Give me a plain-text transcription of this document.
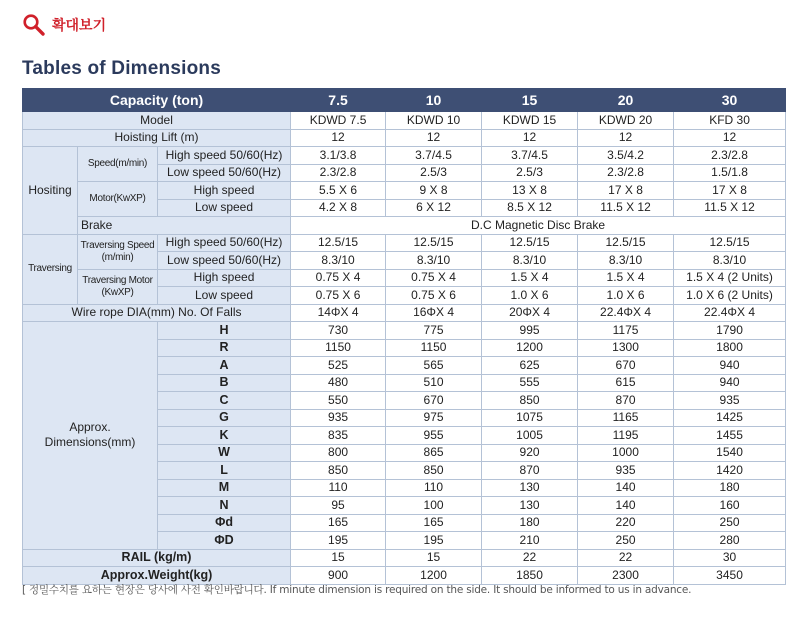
확대보기
Tables of Dimensions
Capacity (ton)			7.5	10	15	20	30
Model			KDWD 7.5	KDWD 10	KDWD 15	KDWD 20	KFD 30
Hoisting Lift (m)			12	12	12	12	12
Hositing	Speed(m/min)	High speed 50/60(Hz)	3.1/3.8	3.7/4.5	3.7/4.5	3.5/4.2	2.3/2.8
		Low speed 50/60(Hz)	2.3/2.8	2.5/3	2.5/3	2.3/2.8	1.5/1.8
	Motor(KwXP)	High speed	5.5 X 6	9 X 8	13 X 8	17 X 8	17 X 8
		Low speed	4.2 X 8	6 X 12	8.5 X 12	11.5 X 12	11.5 X 12
	Brake		D.C Magnetic Disc Brake				
Traversing	Traversing Speed (m/min)	High speed 50/60(Hz)	12.5/15	12.5/15	12.5/15	12.5/15	12.5/15
		Low speed 50/60(Hz)	8.3/10	8.3/10	8.3/10	8.3/10	8.3/10
	Traversing Motor (KwXP)	High speed	0.75 X 4	0.75 X 4	1.5 X 4	1.5 X 4	1.5 X 4 (2 Units)
		Low speed	0.75 X 6	0.75 X 6	1.0 X 6	1.0 X 6	1.0 X 6 (2 Units)
Wire rope DIA(mm) No. Of Falls			14ΦX 4	16ΦX 4	20ΦX 4	22.4ΦX 4	22.4ΦX 4
Approx. Dimensions(mm)		H	730	775	995	1175	1790
		R	1150	1150	1200	1300	1800
		A	525	565	625	670	940
		B	480	510	555	615	940
		C	550	670	850	870	935
		G	935	975	1075	1165	1425
		K	835	955	1005	1195	1455
		W	800	865	920	1000	1540
		L	850	850	870	935	1420
		M	110	110	130	140	180
		N	95	100	130	140	160
		Φd	165	165	180	220	250
		ΦD	195	195	210	250	280
RAIL (kg/m)			15	15	22	22	30
Approx.Weight(kg)			900	1200	1850	2300	3450
[ 정밀수치를 요하는 현장은 당사에 사전 확인바랍니다. If minute dimension is required on the side. It should be informed to us in advance.
